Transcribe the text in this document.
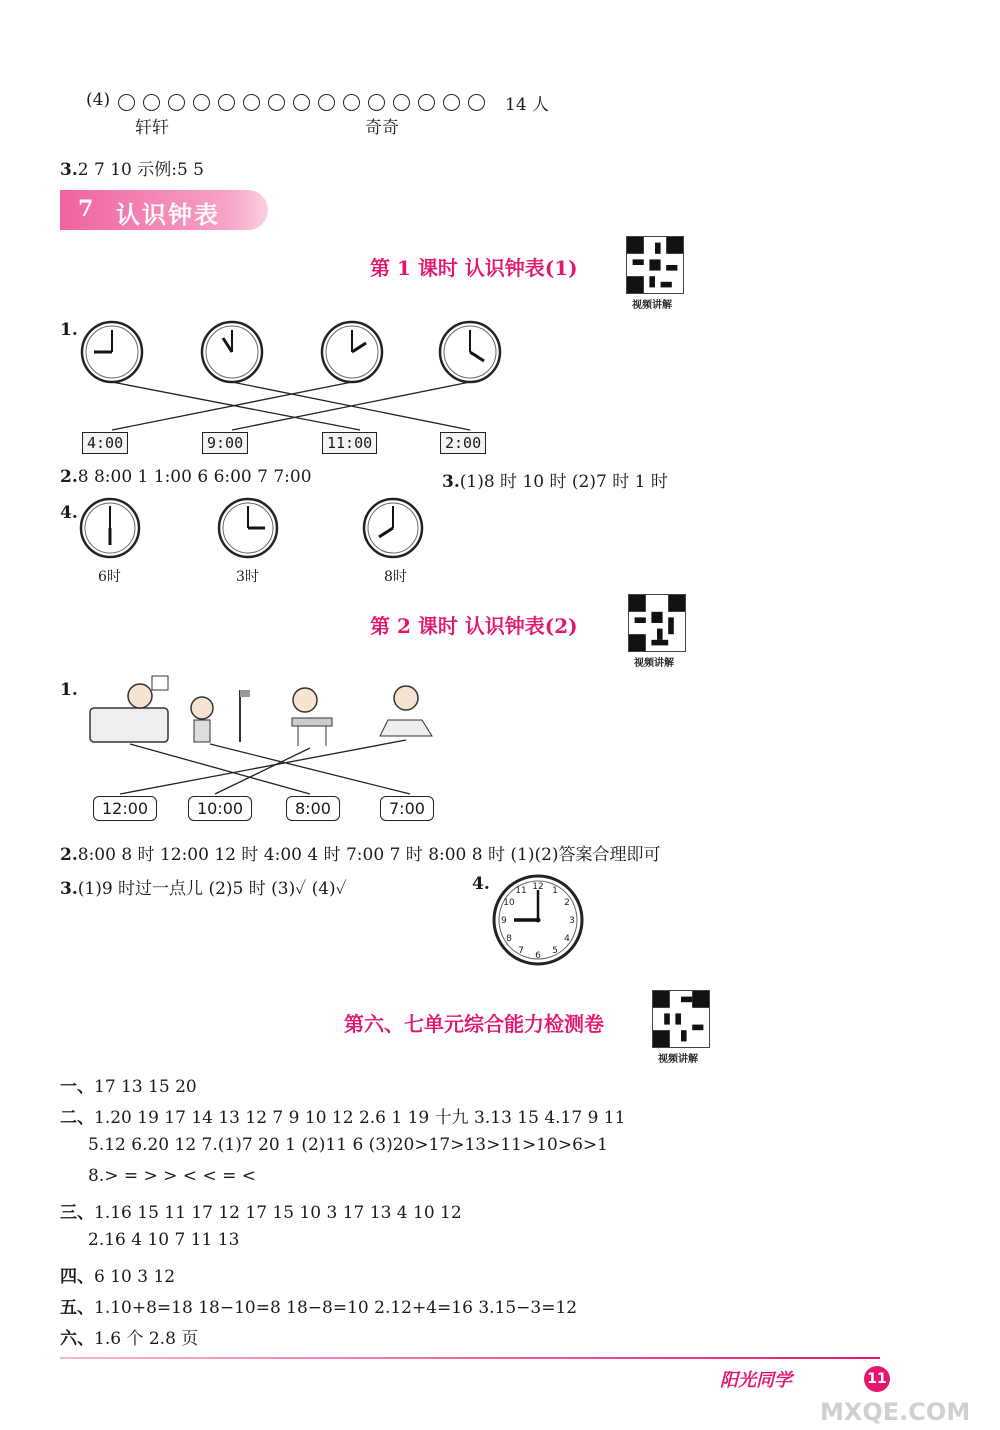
(4)	14 人
轩轩	奇奇
3.2 7 10 示例:5 5
7 认识钟表
第 1 课时 认识钟表(1)
视频讲解
1.
4:00	9:00	11:00	2:00
2.8 8:00 1 1:00 6 6:00 7 7:00	3.(1)8 时 10 时 (2)7 时 1 时
4.
6时	3时	8时
第 2 课时 认识钟表(2)
视频讲解
1.
12:00	10:00	8:00	7:00
2.8:00 8 时 12:00 12 时 4:00 4 时 7:00 7 时 8:00 8 时 (1)(2)答案合理即可
3.(1)9 时过一点儿 (2)5 时 (3)✓ (4)✓	4.	12 1
2
3
4
5
6
7
8
9
10
11
第六、七单元综合能力检测卷
视频讲解
一、17 13 15 20
二、1.20 19 17 14 13 12 7 9 10 12 2.6 1 19 十九 3.13 15 4.17 9 11
5.12 6.20 12 7.(1)7 20 1 (2)11 6 (3)20>17>13>11>10>6>1
8.> = > > < < = <
三、1.16 15 11 17 12 17 15 10 3 17 13 4 10 12
2.16 4 10 7 11 13
四、6 10 3 12
五、1.10+8=18 18−10=8 18−8=10 2.12+4=16 3.15−3=12
六、1.6 个 2.8 页
阳光同学	11
MXQE.COM
